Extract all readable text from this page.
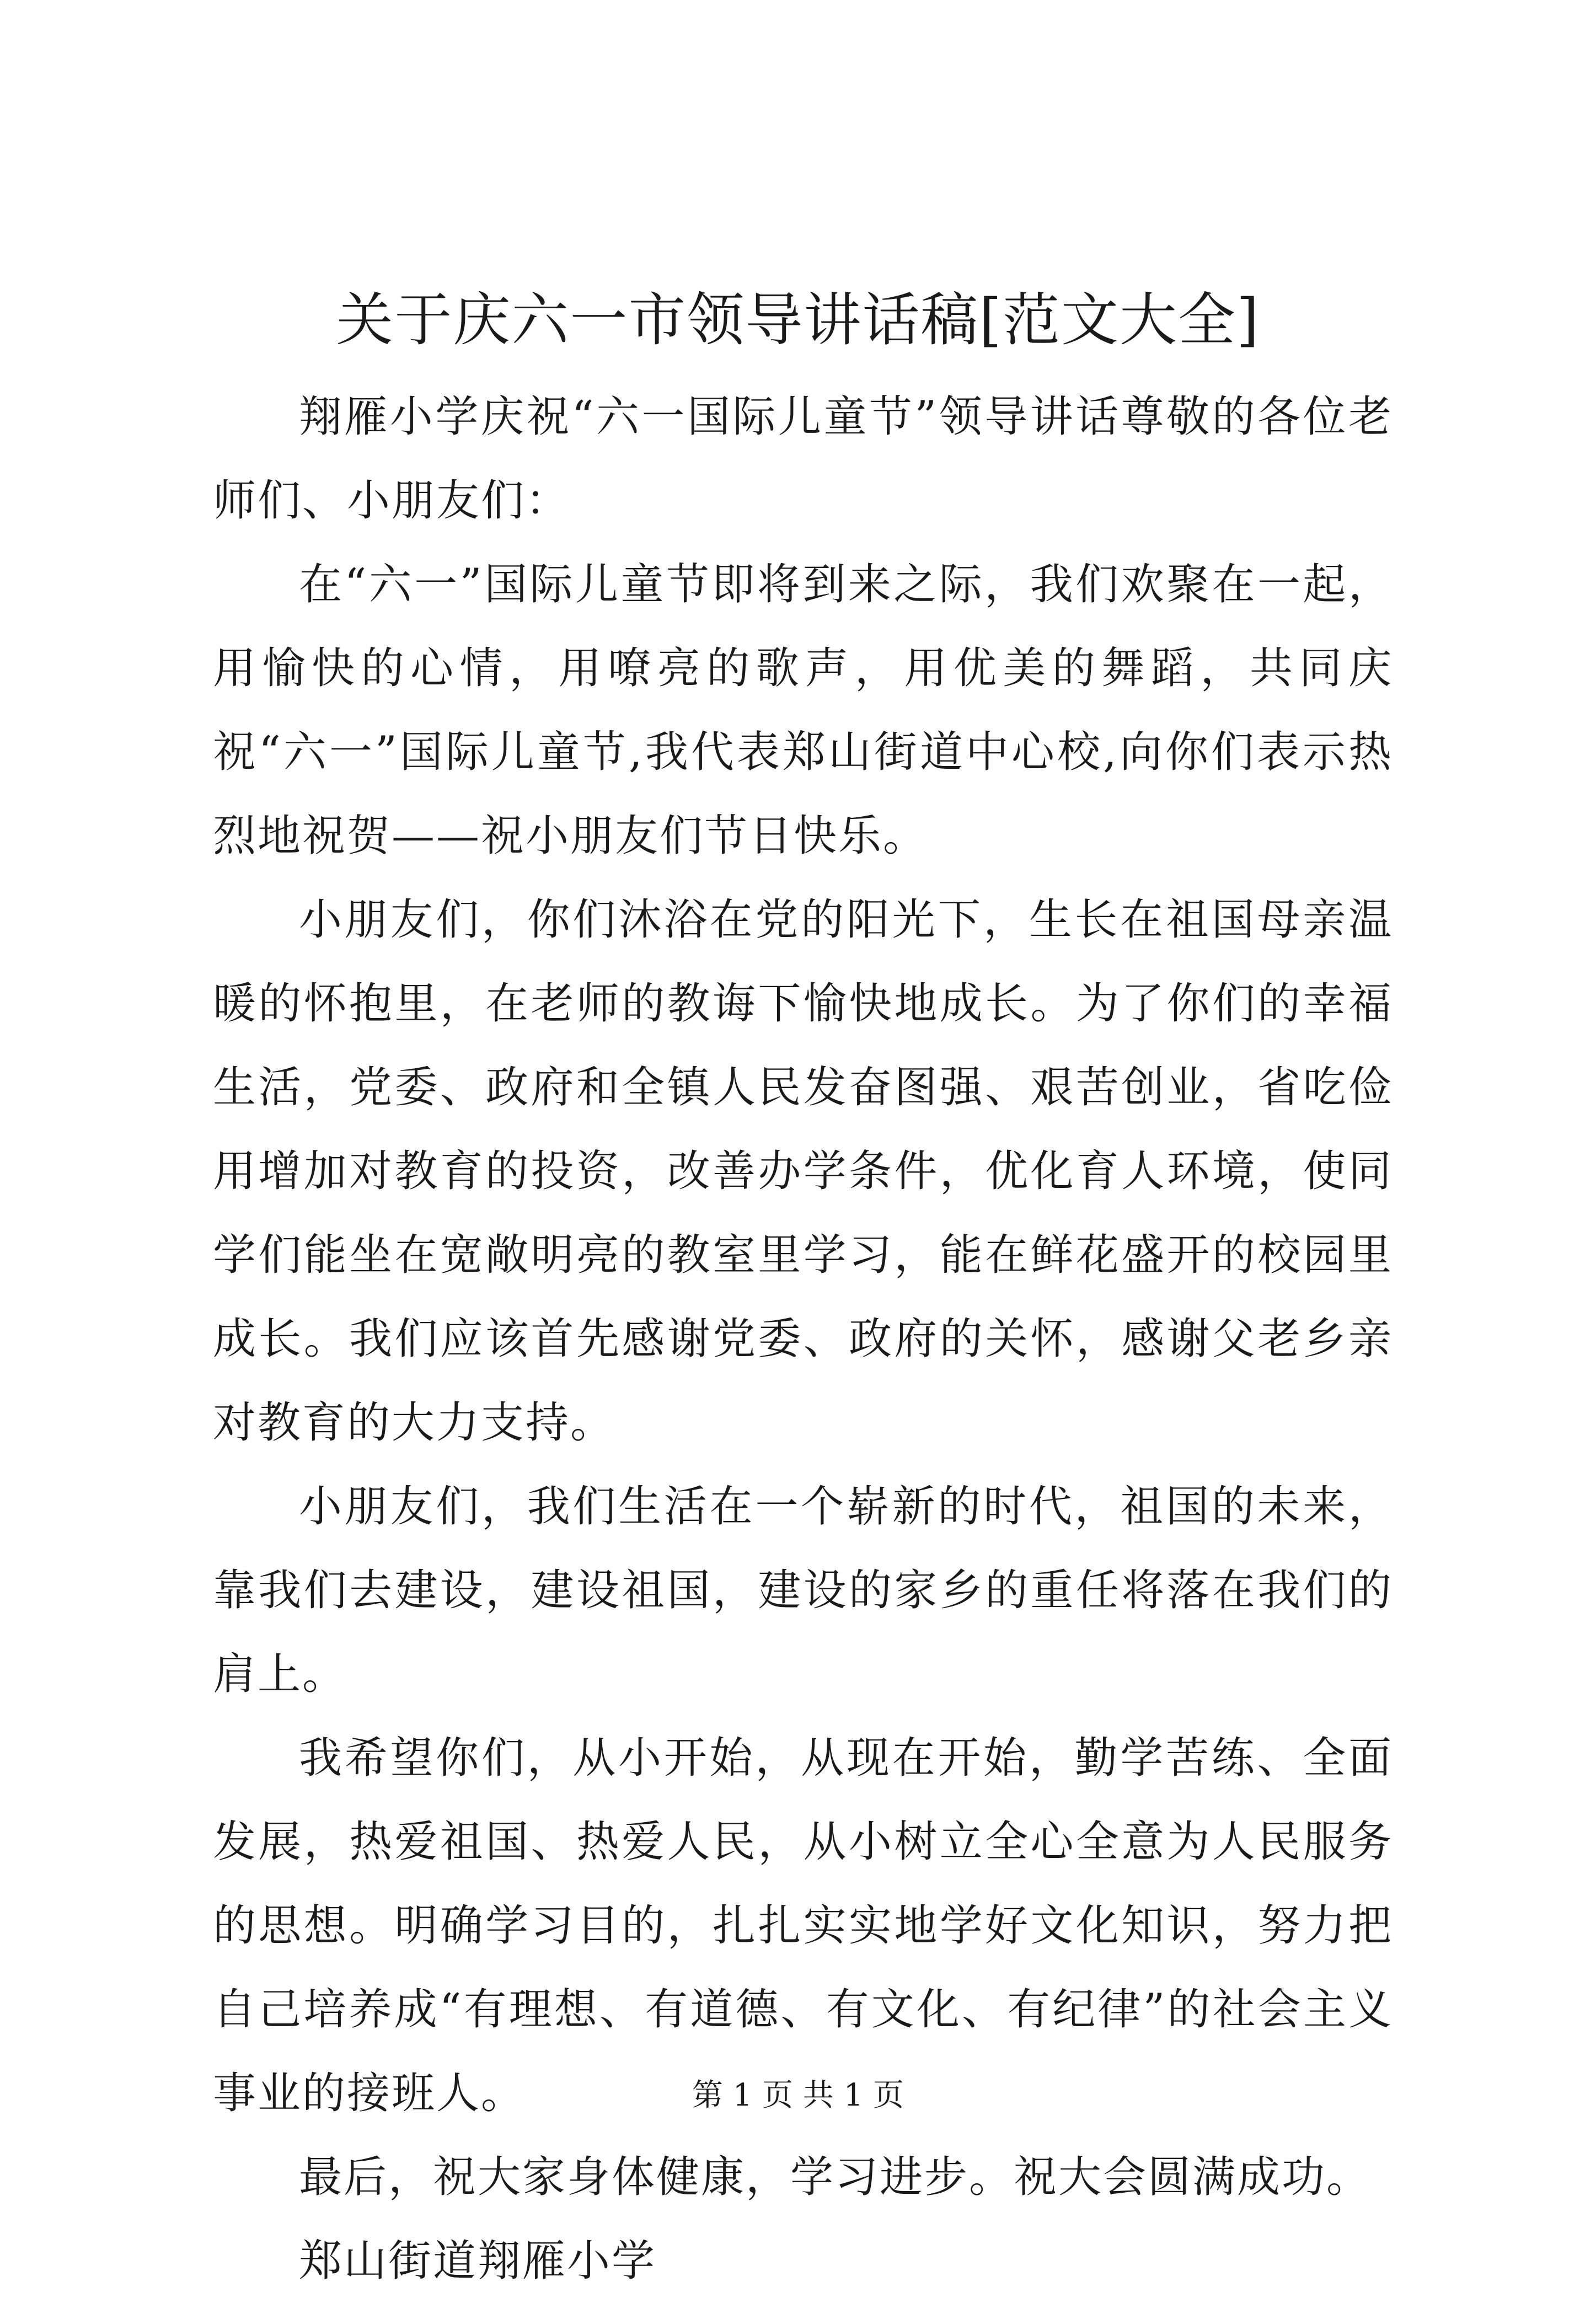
关于庆六一市领导讲话稿[范文大全]

翔雁小学庆祝“六一国际儿童节”领导讲话尊敬的各位老师们、小朋友们：

在“六一”国际儿童节即将到来之际，我们欢聚在一起，用愉快的心情，用嘹亮的歌声，用优美的舞蹈，共同庆祝“六一”国际儿童节,我代表郑山街道中心校,向你们表示热烈地祝贺——祝小朋友们节日快乐。

小朋友们，你们沐浴在党的阳光下，生长在祖国母亲温暖的怀抱里，在老师的教诲下愉快地成长。为了你们的幸福生活，党委、政府和全镇人民发奋图强、艰苦创业，省吃俭用增加对教育的投资，改善办学条件，优化育人环境，使同学们能坐在宽敞明亮的教室里学习，能在鲜花盛开的校园里成长。我们应该首先感谢党委、政府的关怀，感谢父老乡亲对教育的大力支持。

小朋友们，我们生活在一个崭新的时代，祖国的未来，靠我们去建设，建设祖国，建设的家乡的重任将落在我们的肩上。

我希望你们，从小开始，从现在开始，勤学苦练、全面发展，热爱祖国、热爱人民，从小树立全心全意为人民服务的思想。明确学习目的，扎扎实实地学好文化知识，努力把自己培养成“有理想、有道德、有文化、有纪律”的社会主义事业的接班人。

最后，祝大家身体健康，学习进步。祝大会圆满成功。

郑山街道翔雁小学

第 1 页 共 1 页
